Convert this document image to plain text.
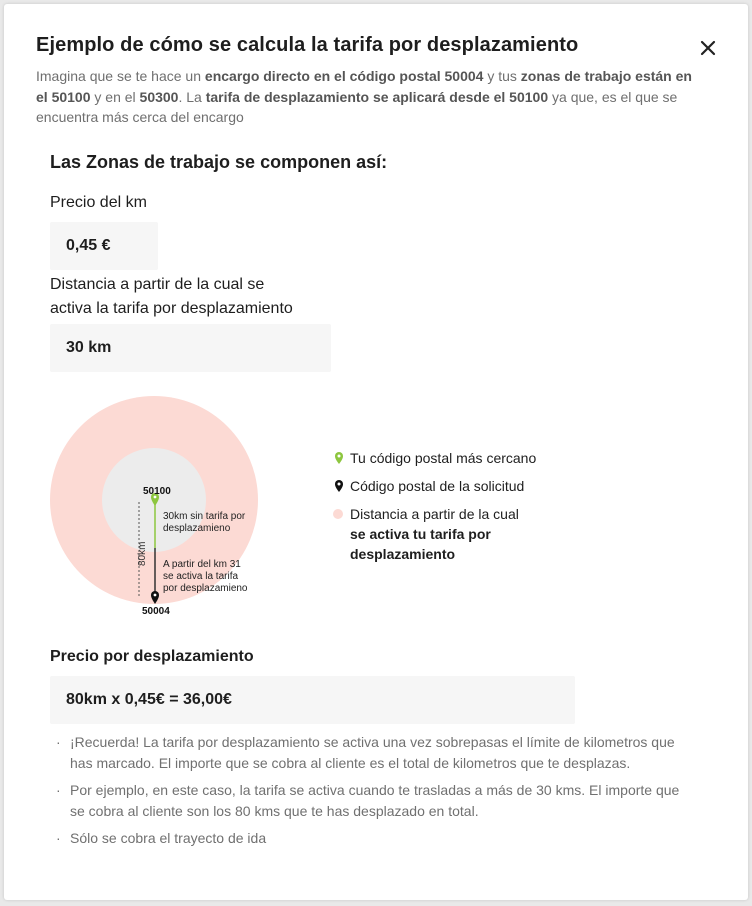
Ejemplo de cómo se calcula la tarifa por desplazamiento

Imagina que se te hace un encargo directo en el código postal 50004 y tus zonas de trabajo están en el 50100 y en el 50300. La tarifa de desplazamiento se aplicará desde el 50100 ya que, es el que se encuentra más cerca del encargo

Las Zonas de trabajo se componen así:

Precio del km

0,45 €

Distancia a partir de la cual se
activa la tarifa por desplazamiento

30 km
80km
50100
50004
30km sin tarifa por
desplazamieno
A partir del km 31
se activa la tarifa
por desplazamieno
Tu código postal más cercano
Código postal de la solicitud
Distancia a partir de la cual se activa tu tarifa por desplazamiento
Precio por desplazamiento
80km x 0,45€ = 36,00€
· ¡Recuerda! La tarifa por desplazamiento se activa una vez sobrepasas el límite de kilometros que has marcado. El importe que se cobra al cliente es el total de kilometros que te desplazas.
· Por ejemplo, en este caso, la tarifa se activa cuando te trasladas a más de 30 kms. El importe que se cobra al cliente son los 80 kms que te has desplazado en total.
· Sólo se cobra el trayecto de ida
